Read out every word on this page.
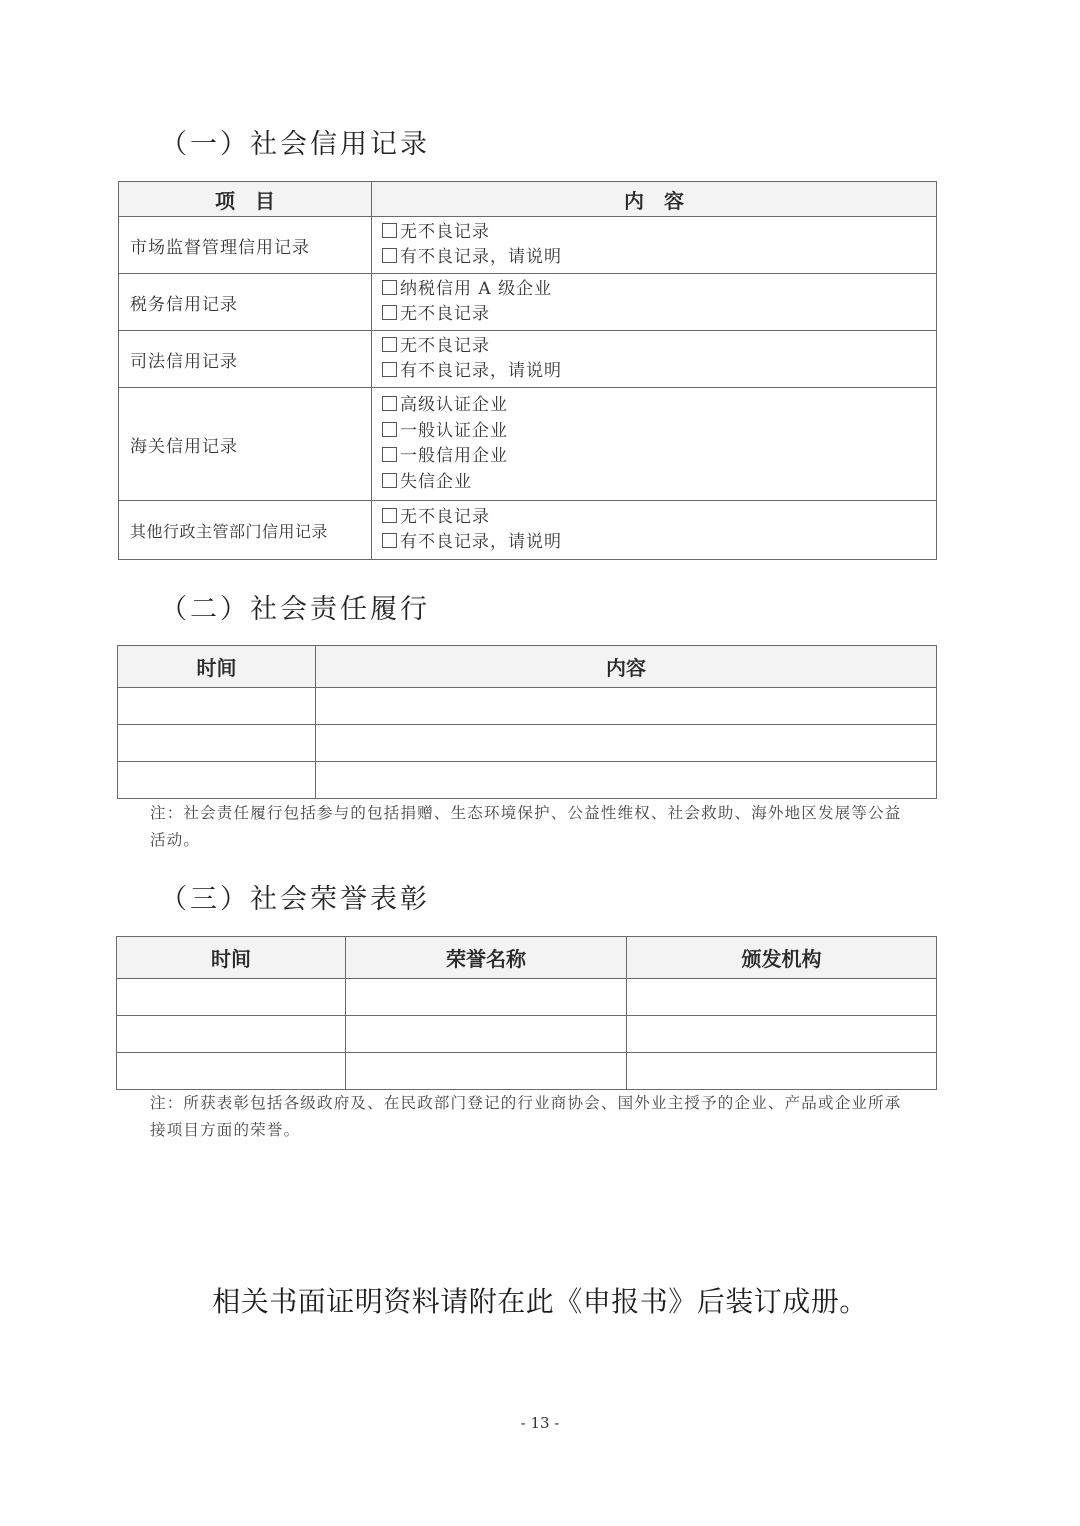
（一）社会信用记录
项　目	内　容
市场监督管理信用记录	无不良记录
有不良记录，请说明

税务信用记录	纳税信用 A 级企业
无不良记录

司法信用记录	无不良记录
有不良记录，请说明

海关信用记录	高级认证企业
一般认证企业
一般信用企业
失信企业

其他行政主管部门信用记录	无不良记录
有不良记录，请说明
（二）社会责任履行
时间	内容

注：社会责任履行包括参与的包括捐赠、生态环境保护、公益性维权、社会救助、海外地区发展等公益活动。

（三）社会荣誉表彰
时间	荣誉名称	颁发机构

注：所获表彰包括各级政府及、在民政部门登记的行业商协会、国外业主授予的企业、产品或企业所承接项目方面的荣誉。

相关书面证明资料请附在此《申报书》后装订成册。

- 13 -
